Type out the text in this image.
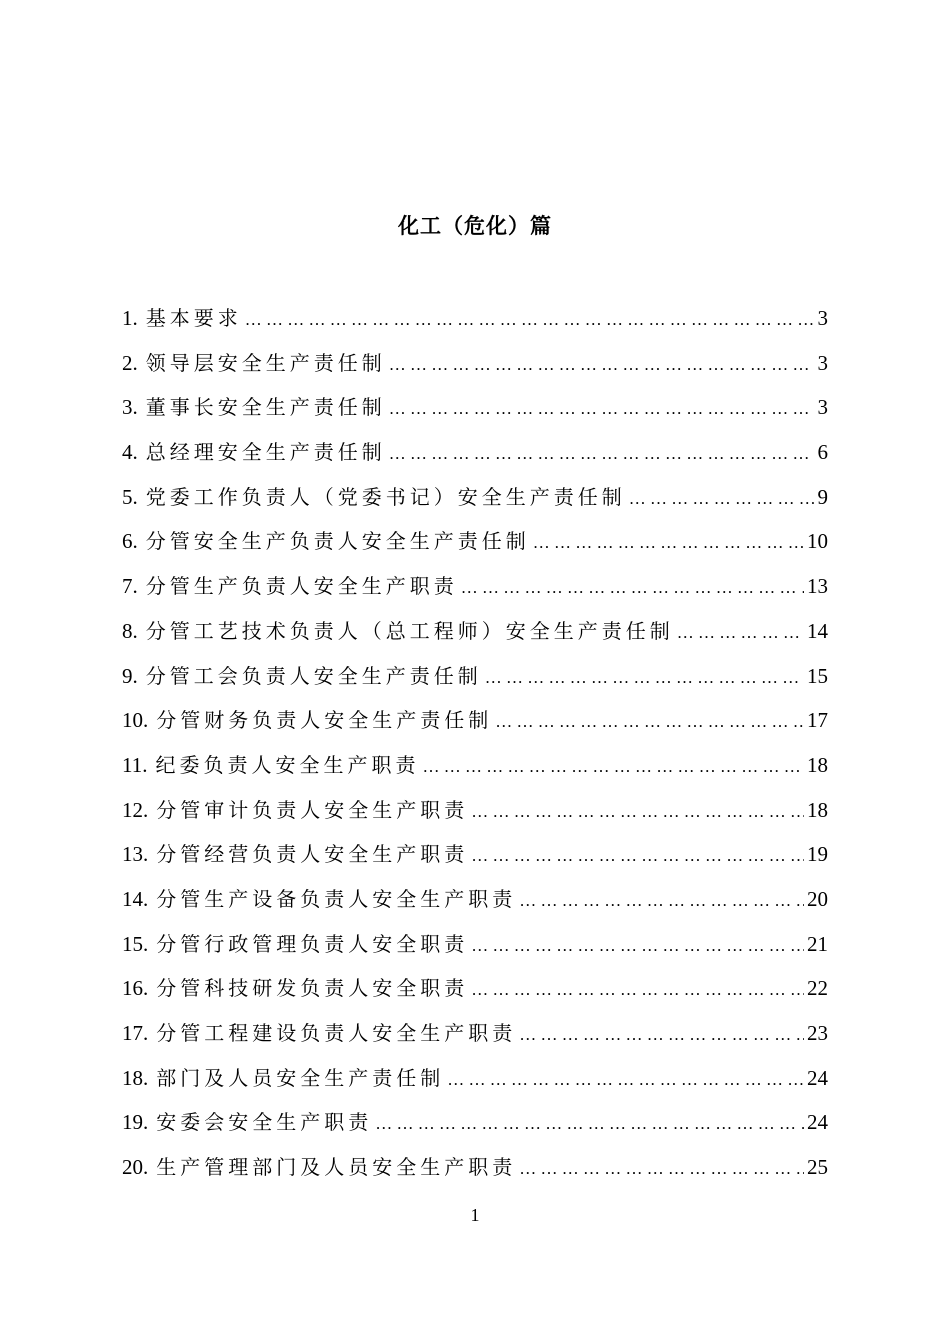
化工（危化）篇
1. 基本要求 … … … … … … … … … … … … … … … … … … … … … … … … … … … … … … … … … … … … … … … … … … … … … … … … … … … … … …	3
2. 领导层安全生产责任制 … … … … … … … … … … … … … … … … … … … … … … … … … … … … … … … … … … … … … … … … … … … … … … … … … … … … … …	3
3. 董事长安全生产责任制 … … … … … … … … … … … … … … … … … … … … … … … … … … … … … … … … … … … … … … … … … … … … … … … … … … … … … …	3
4. 总经理安全生产责任制 … … … … … … … … … … … … … … … … … … … … … … … … … … … … … … … … … … … … … … … … … … … … … … … … … … … … … …	6
5. 党委工作负责人（党委书记）安全生产责任制 … … … … … … … … … … … … … … … … … … … … … … … … … … … … … … … … … … … … … … … … … … … … … … … … … … … … … …	9
6. 分管安全生产负责人安全生产责任制 … … … … … … … … … … … … … … … … … … … … … … … … … … … … … … … … … … … … … … … … … … … … … … … … … … … … … …	10
7. 分管生产负责人安全生产职责 … … … … … … … … … … … … … … … … … … … … … … … … … … … … … … … … … … … … … … … … … … … … … … … … … … … … … …	13
8. 分管工艺技术负责人（总工程师）安全生产责任制 … … … … … … … … … … … … … … … … … … … … … … … … … … … … … … … … … … … … … … … … … … … … … … … … … … … … … …	14
9. 分管工会负责人安全生产责任制 … … … … … … … … … … … … … … … … … … … … … … … … … … … … … … … … … … … … … … … … … … … … … … … … … … … … … …	15
10. 分管财务负责人安全生产责任制 … … … … … … … … … … … … … … … … … … … … … … … … … … … … … … … … … … … … … … … … … … … … … … … … … … … … … …	17
11. 纪委负责人安全生产职责 … … … … … … … … … … … … … … … … … … … … … … … … … … … … … … … … … … … … … … … … … … … … … … … … … … … … … …	18
12. 分管审计负责人安全生产职责 … … … … … … … … … … … … … … … … … … … … … … … … … … … … … … … … … … … … … … … … … … … … … … … … … … … … … …	18
13. 分管经营负责人安全生产职责 … … … … … … … … … … … … … … … … … … … … … … … … … … … … … … … … … … … … … … … … … … … … … … … … … … … … … …	19
14. 分管生产设备负责人安全生产职责 … … … … … … … … … … … … … … … … … … … … … … … … … … … … … … … … … … … … … … … … … … … … … … … … … … … … … …	20
15. 分管行政管理负责人安全职责 … … … … … … … … … … … … … … … … … … … … … … … … … … … … … … … … … … … … … … … … … … … … … … … … … … … … … …	21
16. 分管科技研发负责人安全职责 … … … … … … … … … … … … … … … … … … … … … … … … … … … … … … … … … … … … … … … … … … … … … … … … … … … … … …	22
17. 分管工程建设负责人安全生产职责 … … … … … … … … … … … … … … … … … … … … … … … … … … … … … … … … … … … … … … … … … … … … … … … … … … … … … …	23
18. 部门及人员安全生产责任制 … … … … … … … … … … … … … … … … … … … … … … … … … … … … … … … … … … … … … … … … … … … … … … … … … … … … … …	24
19. 安委会安全生产职责 … … … … … … … … … … … … … … … … … … … … … … … … … … … … … … … … … … … … … … … … … … … … … … … … … … … … … …	24
20. 生产管理部门及人员安全生产职责 … … … … … … … … … … … … … … … … … … … … … … … … … … … … … … … … … … … … … … … … … … … … … … … … … … … … … …	25
1
